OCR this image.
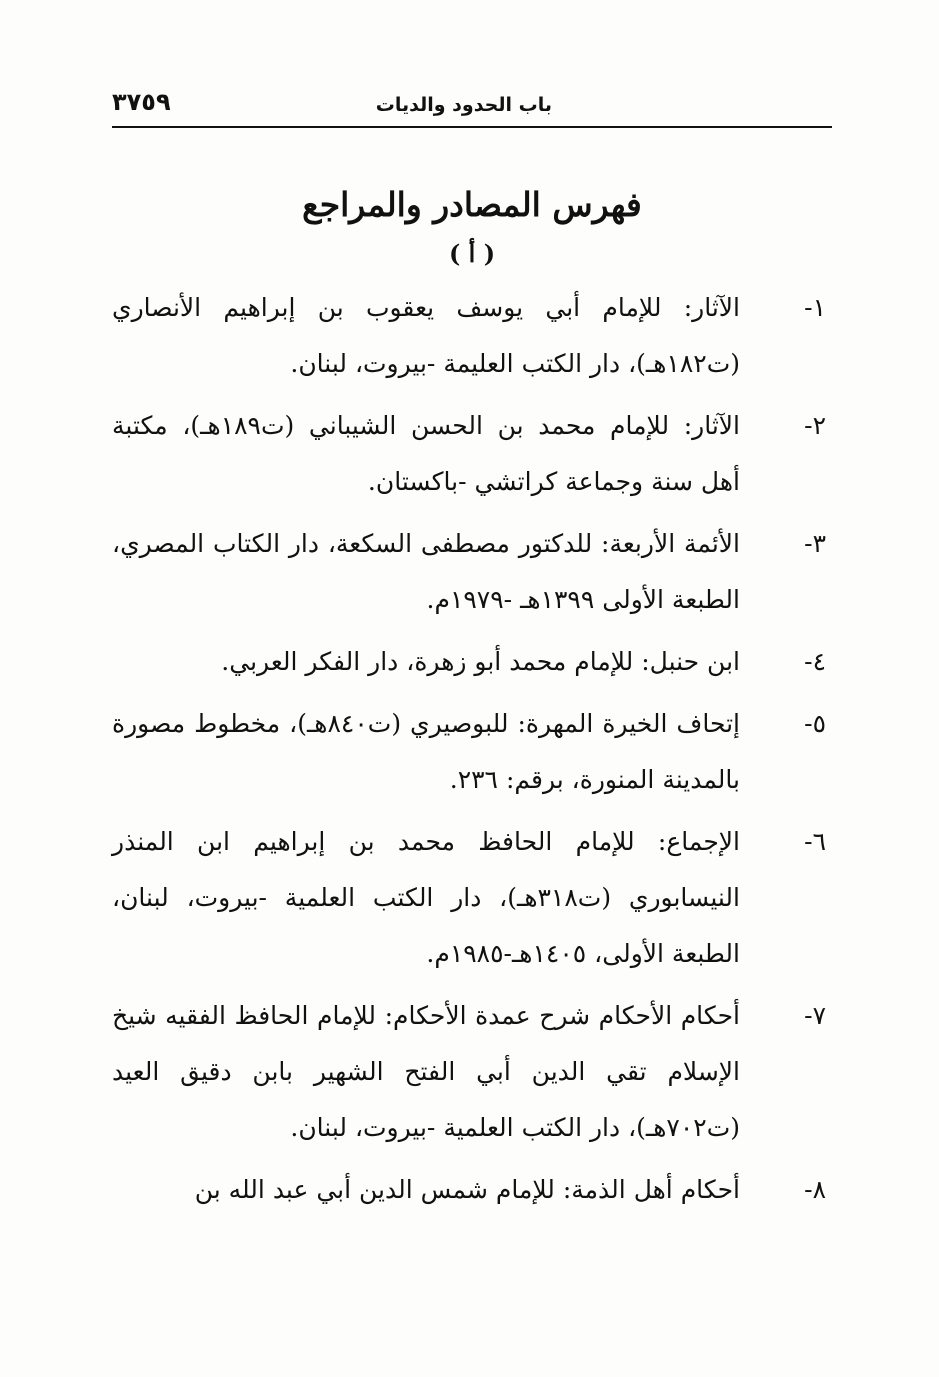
باب الحدود والديات
٣٧٥٩
فهرس المصادر والمراجع
( أ )
١-
الآثار: للإمام أبي يوسف يعقوب بن إبراهيم الأنصاري (ت١٨٢هـ)، دار الكتب العليمة -بيروت، لبنان.
٢-
الآثار: للإمام محمد بن الحسن الشيباني (ت١٨٩هـ)، مكتبة أهل سنة وجماعة كراتشي -باكستان.
٣-
الأئمة الأربعة: للدكتور مصطفى السكعة، دار الكتاب المصري، الطبعة الأولى ١٣٩٩هـ -١٩٧٩م.
٤-
ابن حنبل: للإمام محمد أبو زهرة، دار الفكر العربي.
٥-
إتحاف الخيرة المهرة: للبوصيري (ت٨٤٠هـ)، مخطوط مصورة بالمدينة المنورة، برقم: ٢٣٦.
٦-
الإجماع: للإمام الحافظ محمد بن إبراهيم ابن المنذر النيسابوري (ت٣١٨هـ)، دار الكتب العلمية -بيروت، لبنان، الطبعة الأولى، ١٤٠٥هـ-١٩٨٥م.
٧-
أحكام الأحكام شرح عمدة الأحكام: للإمام الحافظ الفقيه شيخ الإسلام تقي الدين أبي الفتح الشهير بابن دقيق العيد (ت٧٠٢هـ)، دار الكتب العلمية -بيروت، لبنان.
٨-
أحكام أهل الذمة: للإمام شمس الدين أبي عبد الله بن
